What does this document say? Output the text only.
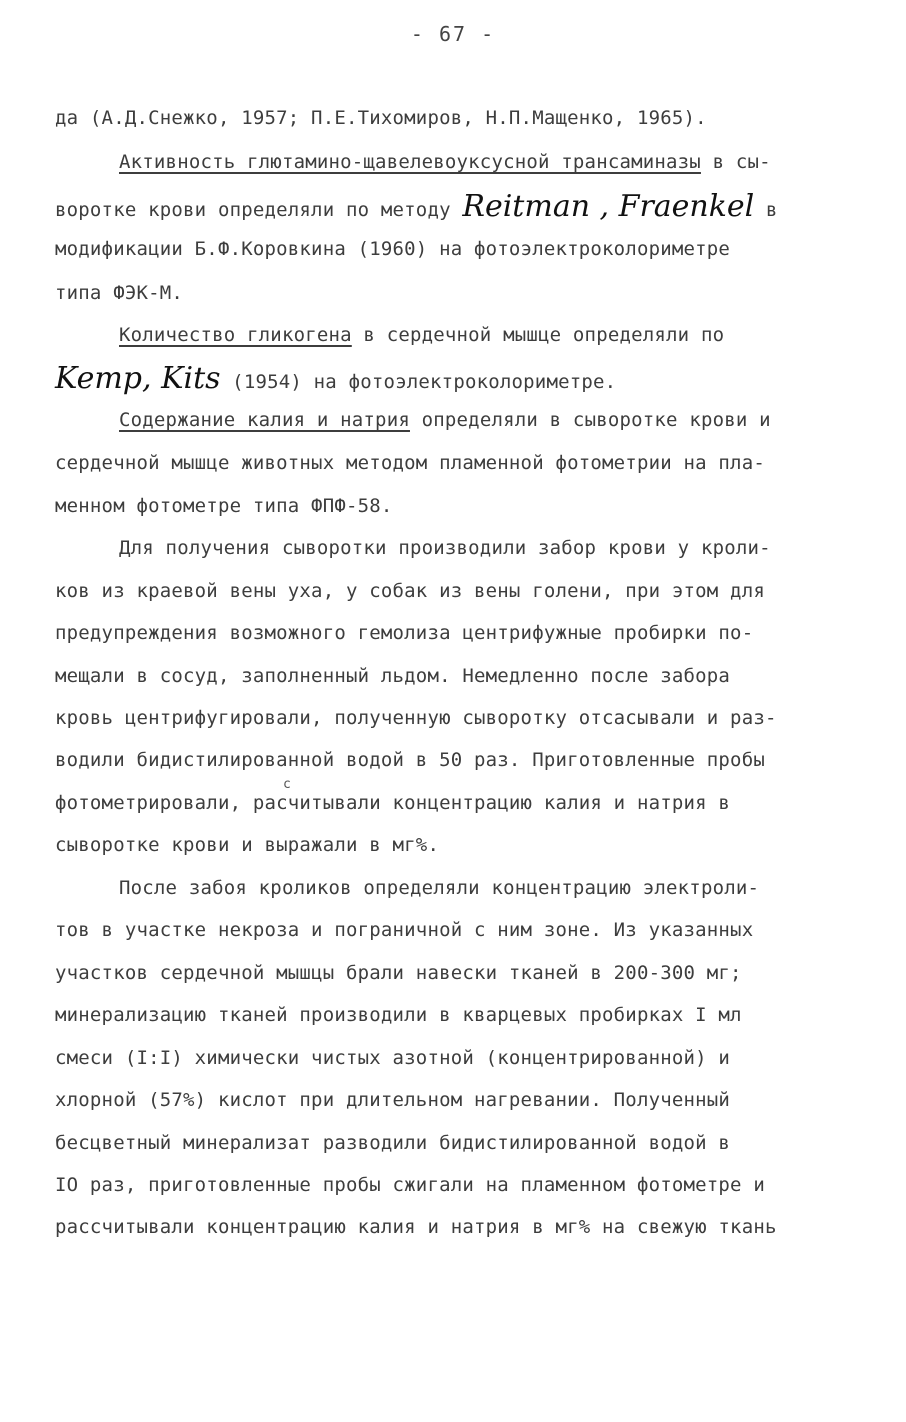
- 67 -
да (А.Д.Снежко, 1957; П.Е.Тихомиров, Н.П.Мащенко, 1965).
Активность глютамино-щавелевоуксусной трансаминазы в сы-
воротке крови определяли по методу Reitman , Fraenkel в
модификации Б.Ф.Коровкина (1960) на фотоэлектроколориметре
типа ФЭК-М.
Количество гликогена в сердечной мышце определяли по
Kemp, Kits (1954) на фотоэлектроколориметре.
Содержание калия и натрия определяли в сыворотке крови и
сердечной мышце животных методом пламенной фотометрии на пла-
менном фотометре типа ФПФ-58.
Для получения сыворотки производили забор крови у кроли-
ков из краевой вены уха, у собак из вены голени, при этом для
предупреждения возможного гемолиза центрифужные пробирки по-
мещали в сосуд, заполненный льдом. Немедленно после забора
кровь центрифугировали, полученную сыворотку отсасывали и раз-
водили бидистилированной водой в 50 раз. Приготовленные пробы
с
фотометрировали, расчитывали концентрацию калия и натрия в
сыворотке крови и выражали в мг%.
После забоя кроликов определяли концентрацию электроли-
тов в участке некроза и пограничной с ним зоне. Из указанных
участков сердечной мышцы брали навески тканей в 200-300 мг;
минерализацию тканей производили в кварцевых пробирках I мл
смеси (I:I) химически чистых азотной (концентрированной) и
хлорной (57%) кислот при длительном нагревании. Полученный
бесцветный минерализат разводили бидистилированной водой в
IO раз, приготовленные пробы сжигали на пламенном фотометре и
рассчитывали концентрацию калия и натрия в мг% на свежую ткань
